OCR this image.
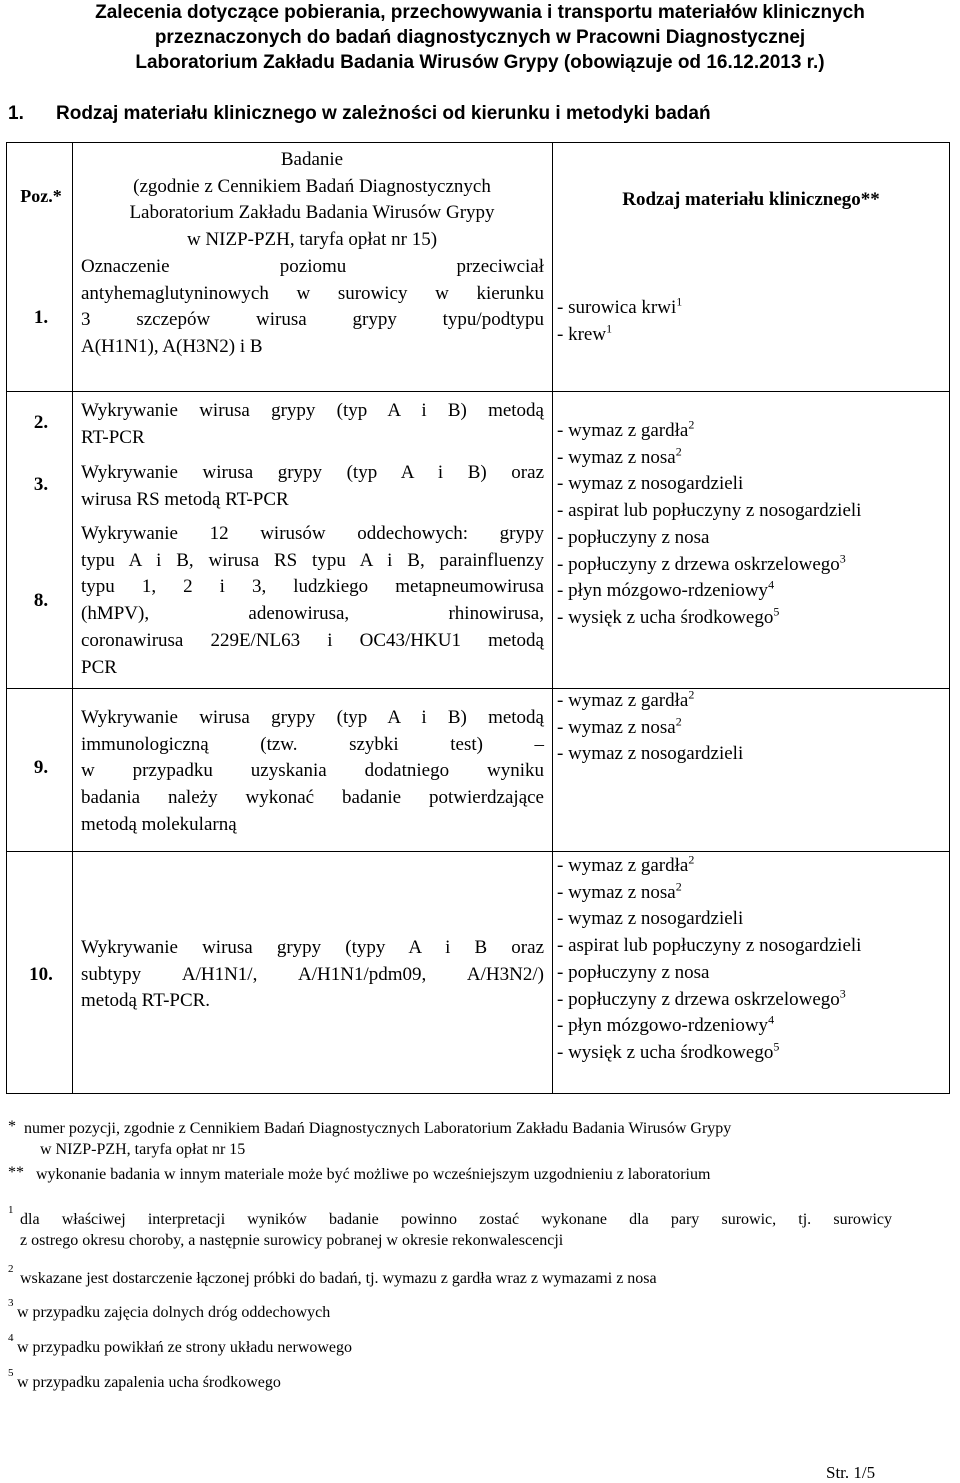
Zalecenia dotyczące pobierania, przechowywania i transportu materiałów klinicznych
przeznaczonych do badań diagnostycznych w Pracowni Diagnostycznej
Laboratorium Zakładu Badania Wirusów Grypy (obowiązuje od 16.12.2013 r.)
1. Rodzaj materiału klinicznego w zależności od kierunku i metodyki badań
Poz.*
Badanie
(zgodnie z Cennikiem Badań Diagnostycznych
Laboratorium Zakładu Badania Wirusów Grypy
w NIZP-PZH, taryfa opłat nr 15)
Rodzaj materiału klinicznego**
1.
Oznaczenie poziomu przeciwciał
antyhemaglutyninowych w surowicy w kierunku
3 szczepów wirusa grypy typu/podtypu
A(H1N1), A(H3N2) i B
- surowica krwi$^1$
- krew$^1$
2.
3.
8.
Wykrywanie wirusa grypy (typ A i B) metodą
RT-PCR
Wykrywanie wirusa grypy (typ A i B) oraz
wirusa RS metodą RT-PCR
Wykrywanie 12 wirusów oddechowych: grypy
typu A i B, wirusa RS typu A i B, parainfluenzy
typu 1, 2 i 3, ludzkiego metapneumowirusa
(hMPV), adenowirusa, rhinowirusa,
coronawirusa 229E/NL63 i OC43/HKU1 metodą
PCR
- wymaz z gardła$^2$
- wymaz z nosa$^2$
- wymaz z nosogardzieli
- aspirat lub popłuczyny z nosogardzieli
- popłuczyny z nosa
- popłuczyny z drzewa oskrzelowego$^3$
- płyn mózgowo-rdzeniowy$^4$
- wysięk z ucha środkowego$^5$
9.
Wykrywanie wirusa grypy (typ A i B) metodą
immunologiczną (tzw. szybki test) –
w przypadku uzyskania dodatniego wyniku
badania należy wykonać badanie potwierdzające
metodą molekularną
- wymaz z gardła$^2$
- wymaz z nosa$^2$
- wymaz z nosogardzieli
10.
Wykrywanie wirusa grypy (typy A i B oraz
subtypy A/H1N1/, A/H1N1/pdm09, A/H3N2/)
metodą RT-PCR.
- wymaz z gardła$^2$
- wymaz z nosa$^2$
- wymaz z nosogardzieli
- aspirat lub popłuczyny z nosogardzieli
- popłuczyny z nosa
- popłuczyny z drzewa oskrzelowego$^3$
- płyn mózgowo-rdzeniowy$^4$
- wysięk z ucha środkowego$^5$
* numer pozycji, zgodnie z Cennikiem Badań Diagnostycznych Laboratorium Zakładu Badania Wirusów Grypy
w NIZP-PZH, taryfa opłat nr 15
** wykonanie badania w innym materiale może być możliwe po wcześniejszym uzgodnieniu z laboratorium
1
dla właściwej interpretacji wyników badanie powinno zostać wykonane dla pary surowic, tj. surowicy
z ostrego okresu choroby, a następnie surowicy pobranej w okresie rekonwalescencji
2
wskazane jest dostarczenie łączonej próbki do badań, tj. wymazu z gardła wraz z wymazami z nosa
3
w przypadku zajęcia dolnych dróg oddechowych
4
w przypadku powikłań ze strony układu nerwowego
5
w przypadku zapalenia ucha środkowego
Str. 1/5
